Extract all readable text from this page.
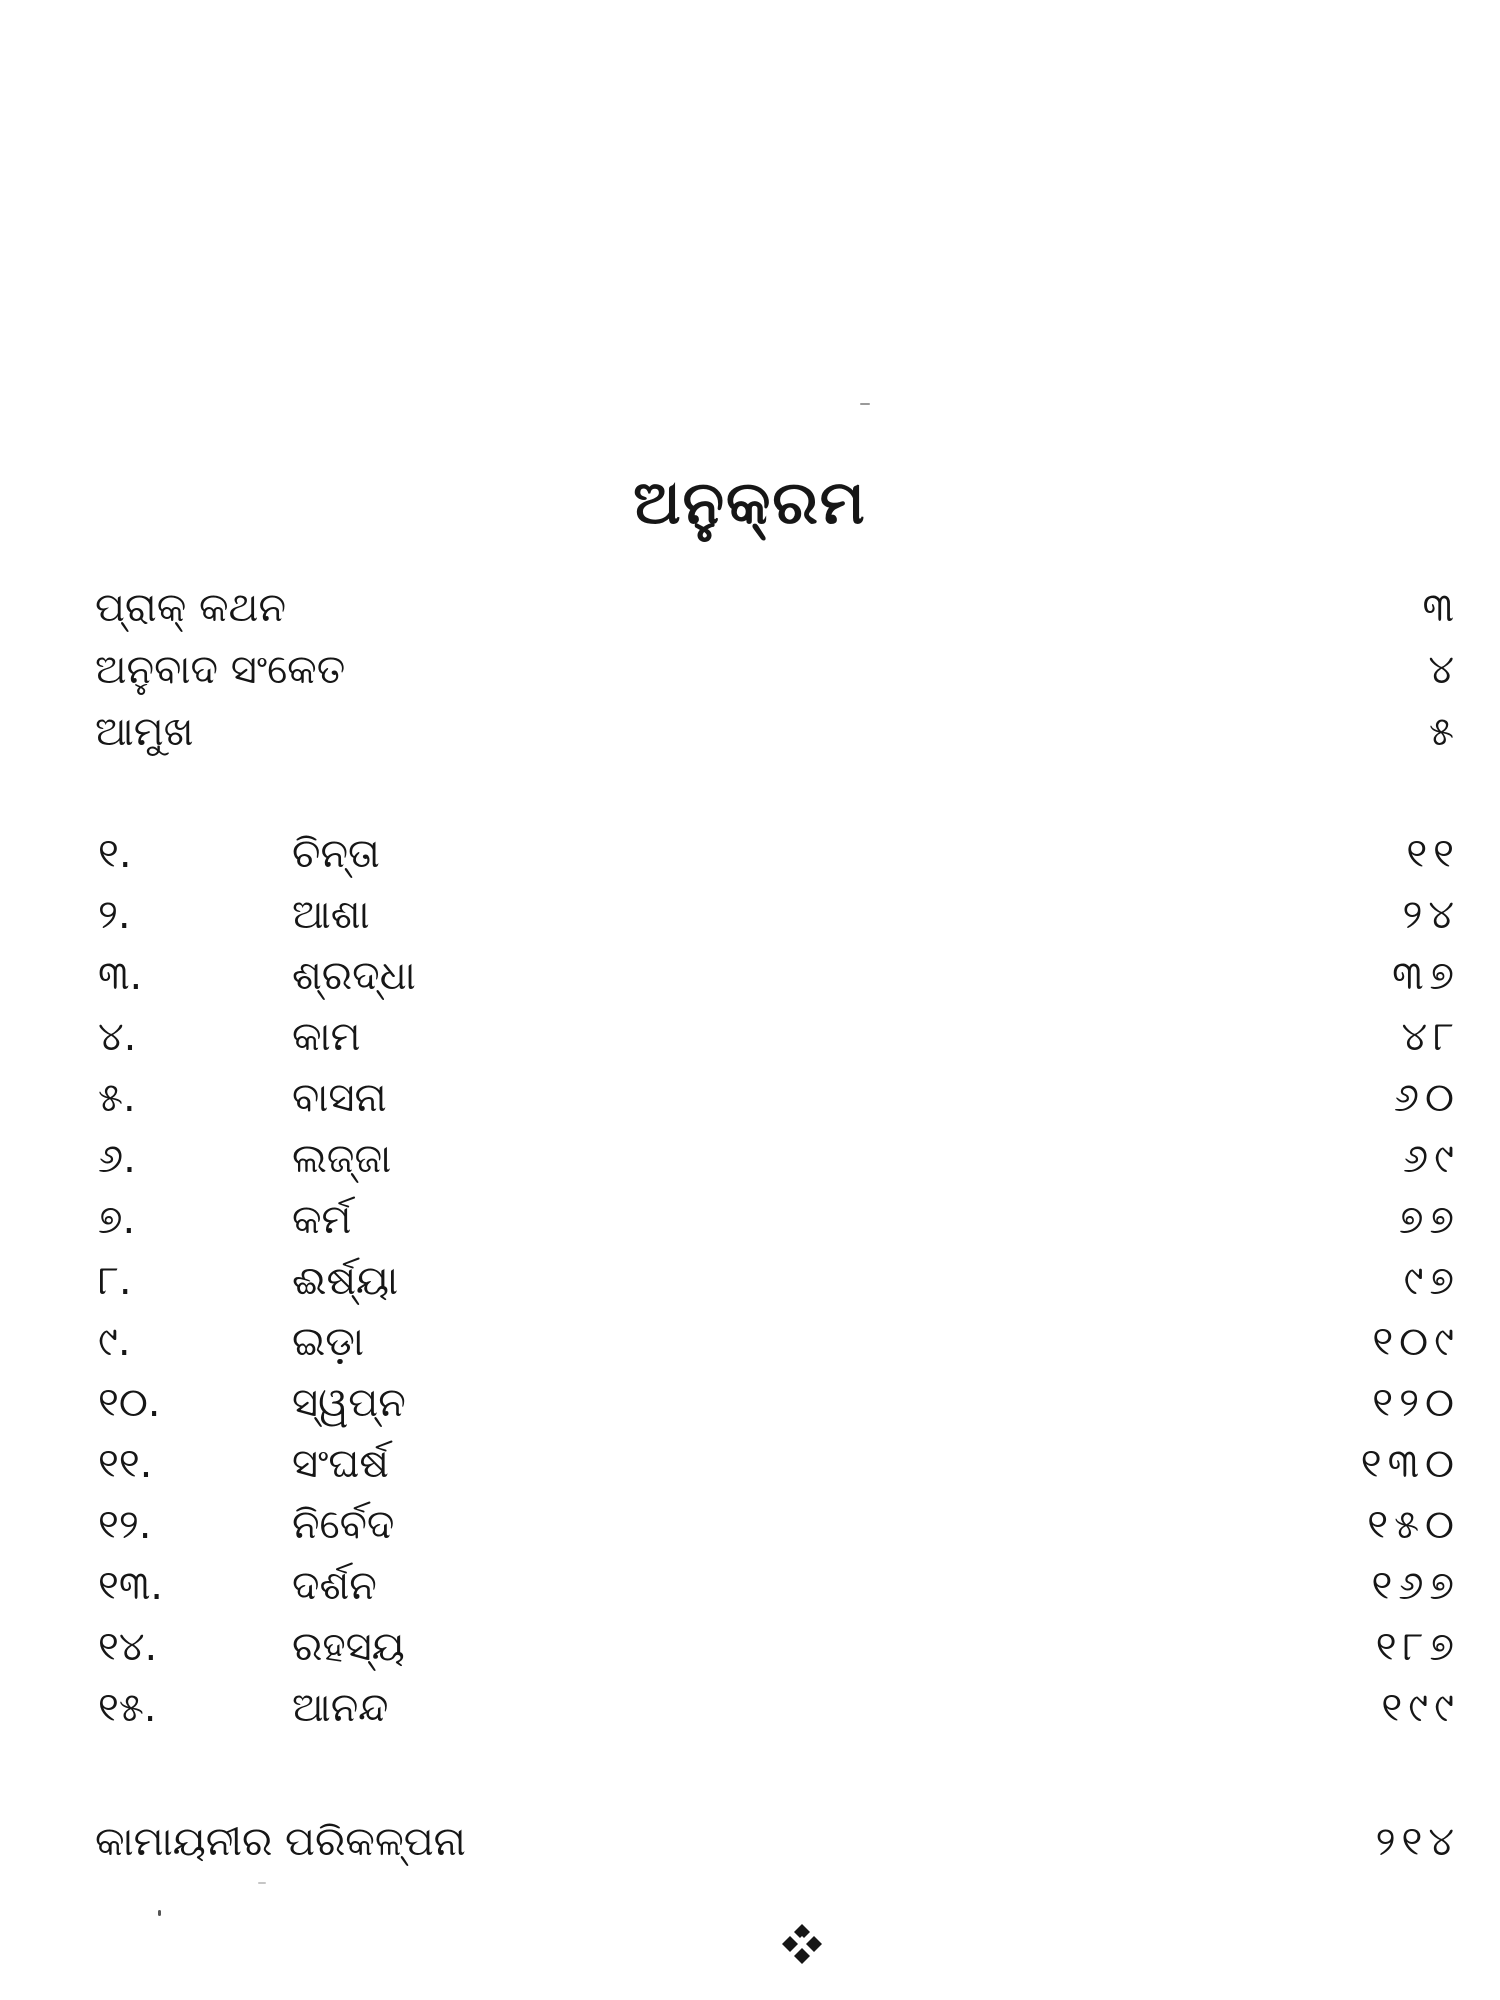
ଅନୁକ୍ରମ
ପ୍ରାକ୍ କଥନ	୩
ଅନୁବାଦ ସଂକେତ	୪
ଆମୁଖ	୫
୧.	ଚିନ୍ତା	୧୧
୨.	ଆଶା	୨୪
୩.	ଶ୍ରଦ୍ଧା	୩୭
୪.	କାମ	୪୮
୫.	ବାସନା	୬୦
୬.	ଲଜ୍ଜା	୬୯
୭.	କର୍ମ	୭୭
୮.	ଈର୍ଷ୍ୟା	୯୭
୯.	ଇଡ଼ା	୧୦୯
୧୦.	ସ୍ୱପ୍ନ	୧୨୦
୧୧.	ସଂଘର୍ଷ	୧୩୦
୧୨.	ନିର୍ବେଦ	୧୫୦
୧୩.	ଦର୍ଶନ	୧୬୭
୧୪.	ରହସ୍ୟ	୧୮୭
୧୫.	ଆନନ୍ଦ	୧୯୯
କାମାୟନୀର ପରିକଳ୍ପନା	୨୧୪
